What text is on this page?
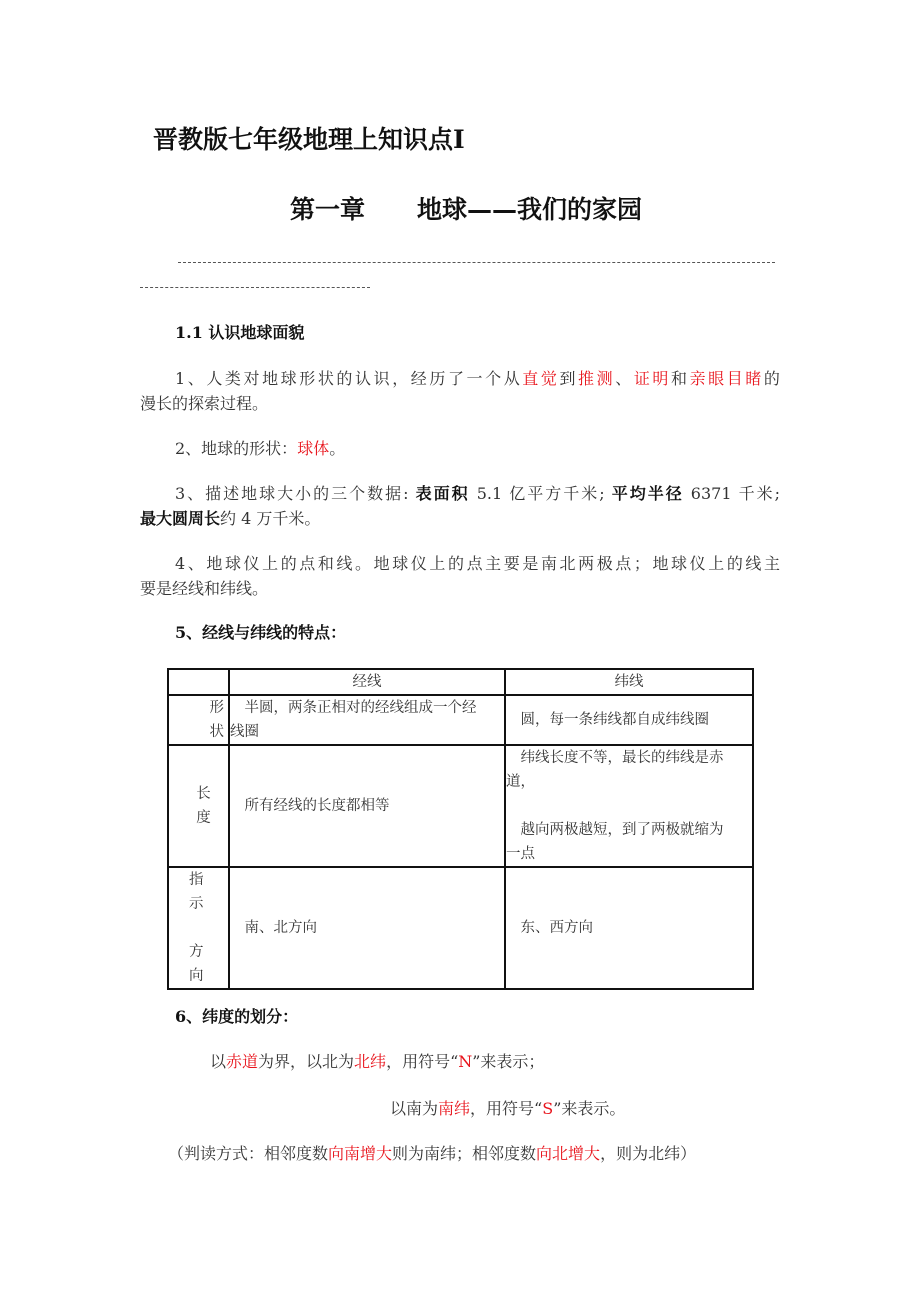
晋教版七年级地理上知识点Ⅰ
第一章 地球——我们的家园
1.1 认识地球面貌
1、人类对地球形状的认识，经历了一个从直觉到推测、证明和亲眼目睹的
漫长的探索过程。
2、地球的形状：球体。
3、描述地球大小的三个数据: 表面积 5.1 亿平方千米; 平均半径 6371 千米;
最大圆周长约 4 万千米。
4、地球仪上的点和线。地球仪上的点主要是南北两极点；地球仪上的线主
要是经线和纬线。
5、经线与纬线的特点：
	经线	纬线

形
状	　半圆，两条正相对的经线组成一个经
线圈	　圆，每一条纬线都自成纬线圈

长
度	　所有经线的长度都相等	　纬线长度不等，最长的纬线是赤
道，

　越向两极越短，到了两极就缩为
一点

指
示

方
向	　南、北方向	　东、西方向
6、纬度的划分：
以赤道为界，以北为北纬，用符号“N”来表示；
以南为南纬，用符号“S”来表示。
（判读方式：相邻度数向南增大则为南纬；相邻度数向北增大，则为北纬）
